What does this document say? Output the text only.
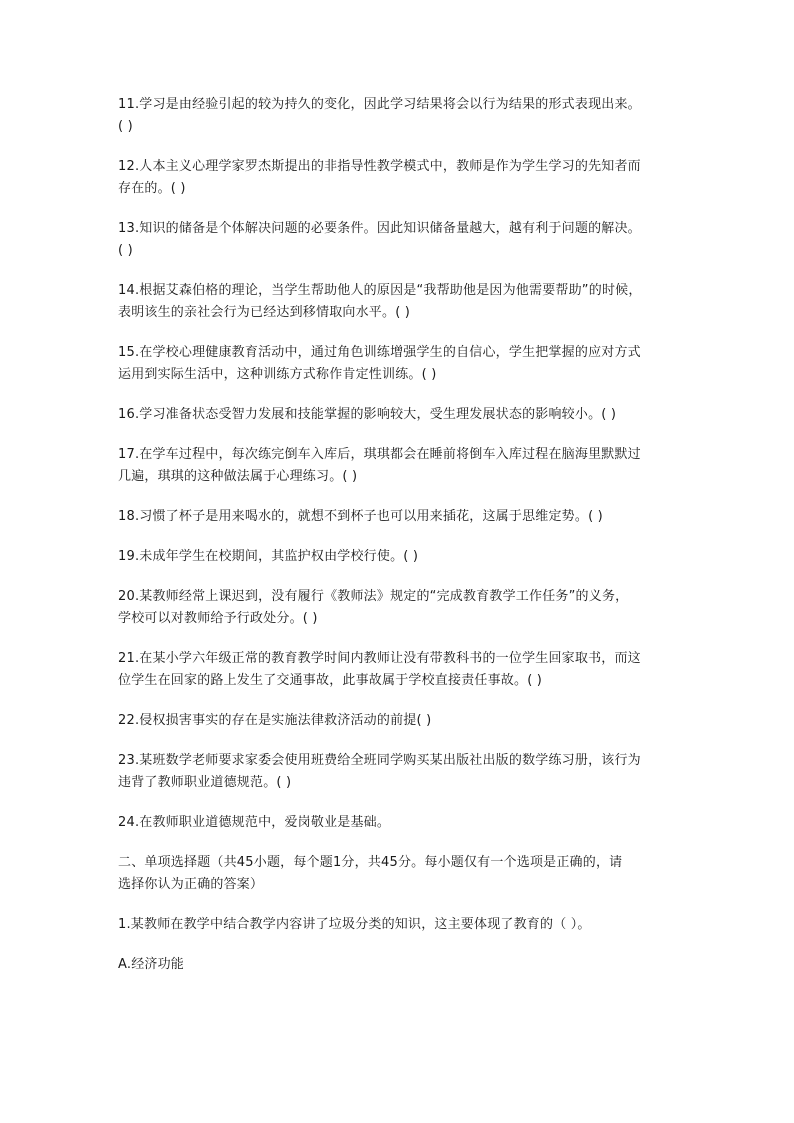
11.学习是由经验引起的较为持久的变化，因此学习结果将会以行为结果的形式表现出来。
( )

12.人本主义心理学家罗杰斯提出的非指导性教学模式中，教师是作为学生学习的先知者而
存在的。( )

13.知识的储备是个体解决问题的必要条件。因此知识储备量越大，越有利于问题的解决。
( )

14.根据艾森伯格的理论，当学生帮助他人的原因是“我帮助他是因为他需要帮助”的时候，
表明该生的亲社会行为已经达到移情取向水平。( )

15.在学校心理健康教育活动中，通过角色训练增强学生的自信心，学生把掌握的应对方式
运用到实际生活中，这种训练方式称作肯定性训练。( )

16.学习准备状态受智力发展和技能掌握的影响较大，受生理发展状态的影响较小。( )

17.在学车过程中，每次练完倒车入库后，琪琪都会在睡前将倒车入库过程在脑海里默默过
几遍，琪琪的这种做法属于心理练习。( )

18.习惯了杯子是用来喝水的，就想不到杯子也可以用来插花，这属于思维定势。( )

19.未成年学生在校期间，其监护权由学校行使。( )

20.某教师经常上课迟到，没有履行《教师法》规定的“完成教育教学工作任务”的义务，
学校可以对教师给予行政处分。( )

21.在某小学六年级正常的教育教学时间内教师让没有带教科书的一位学生回家取书，而这
位学生在回家的路上发生了交通事故，此事故属于学校直接责任事故。( )

22.侵权损害事实的存在是实施法律救济活动的前提( )

23.某班数学老师要求家委会使用班费给全班同学购买某出版社出版的数学练习册，该行为
违背了教师职业道德规范。( )

24.在教师职业道德规范中，爱岗敬业是基础。

二、单项选择题（共45小题，每个题1分，共45分。每小题仅有一个选项是正确的，请
选择你认为正确的答案）

1.某教师在教学中结合教学内容讲了垃圾分类的知识，这主要体现了教育的（ ）。

A.经济功能
